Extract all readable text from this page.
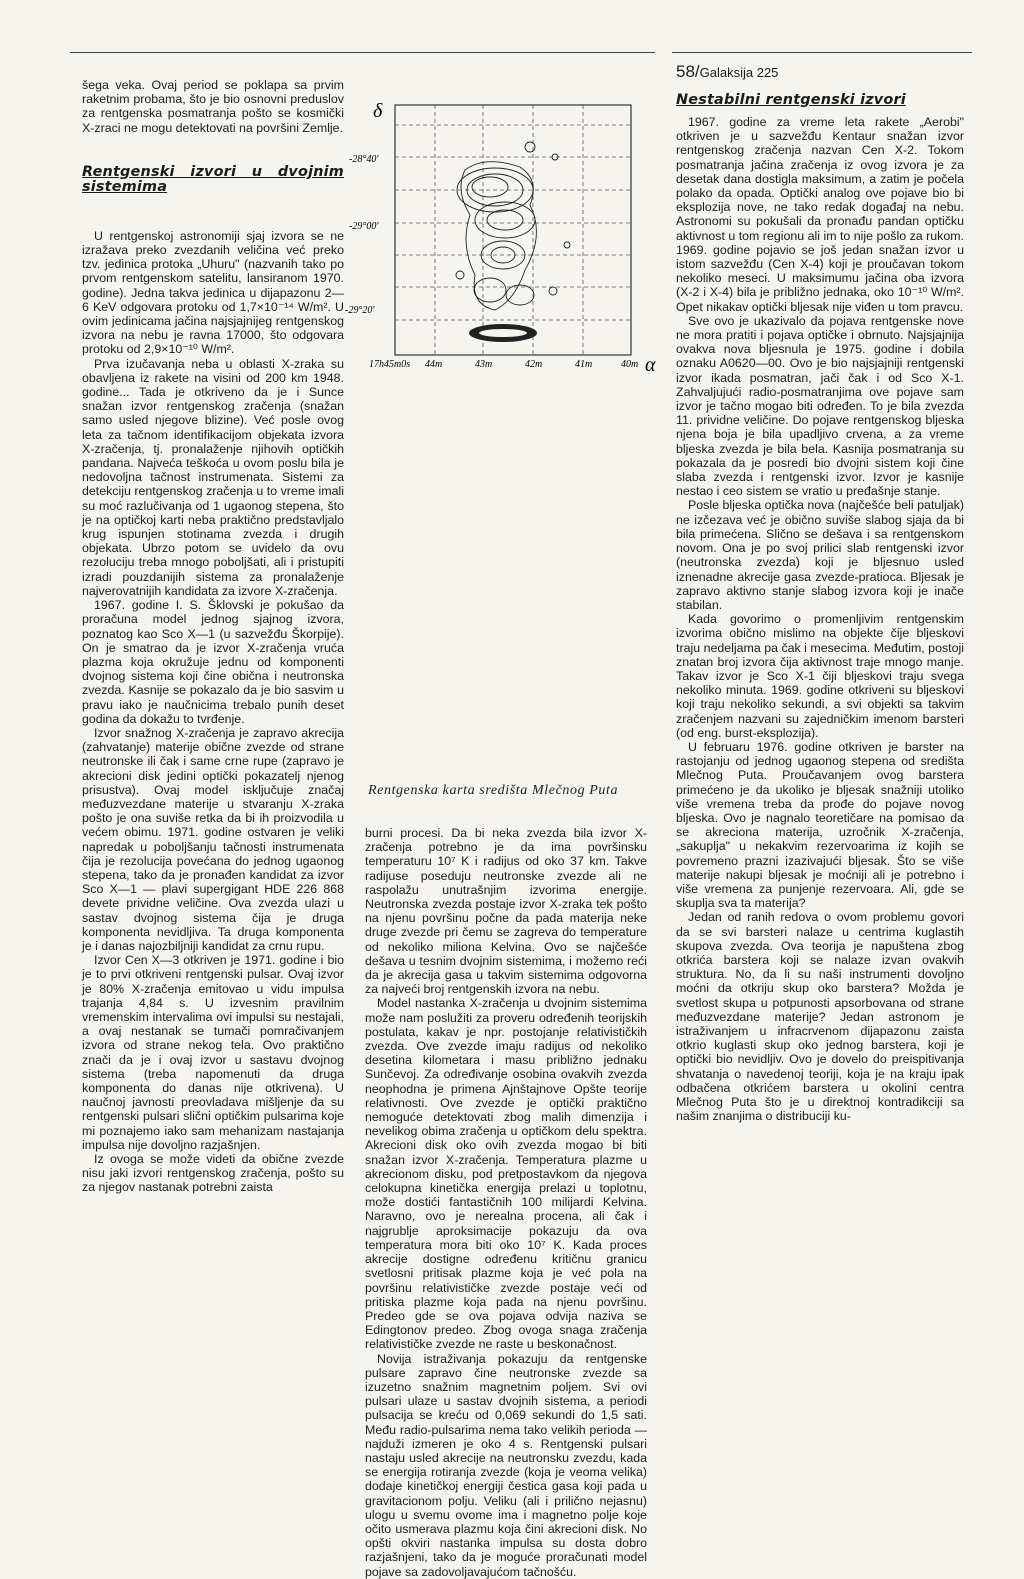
58/Galaksija 225

šega veka. Ovaj period se poklapa sa prvim raketnim probama, što je bio osnovni preduslov za rentgenska posmatranja pošto se kosmički X-zraci ne mogu detektovati na površini Zemlje.

Rentgenski izvori u dvojnim sistemima

U rentgenskoj astronomiji sjaj izvora se ne izražava preko zvezdanih veličina već preko tzv. jedinica protoka „Uhuru" (nazvanih tako po prvom rentgenskom satelitu, lansiranom 1970. godine). Jedna takva jedinica u dijapazonu 2—6 KeV odgovara protoku od 1,7×10⁻¹⁴ W/m². U ovim jedinicama jačina najsjajnijeg rentgenskog izvora na nebu je ravna 17000, što odgovara protoku od 2,9×10⁻¹⁰ W/m².

Prva izučavanja neba u oblasti X-zraka su obavljena iz rakete na visini od 200 km 1948. godine... Tada je otkriveno da je i Sunce snažan izvor rentgenskog zračenja (snažan samo usled njegove blizine). Već posle ovog leta za tačnom identifikacijom objekata izvora X-zračenja, tj. pronalaženje njihovih optičkih pandana. Najveća teškoća u ovom poslu bila je nedovoljna tačnost instrumenata. Sistemi za detekciju rentgenskog zračenja u to vreme imali su moć razlučivanja od 1 ugaonog stepena, što je na optičkoj karti neba praktično predstavljalo krug ispunjen stotinama zvezda i drugih objekata. Ubrzo potom se uvidelo da ovu rezoluciju treba mnogo poboljšati, ali i pristupiti izradi pouzdanijih sistema za pronalaženje najverovatnijih kandidata za izvore X-zračenja.

1967. godine I. S. Šklovski je pokušao da proračuna model jednog sjajnog izvora, poznatog kao Sco X—1 (u sazvežđu Škorpije). On je smatrao da je izvor X-zračenja vruća plazma koja okružuje jednu od komponenti dvojnog sistema koji čine obična i neutronska zvezda. Kasnije se pokazalo da je bio sasvim u pravu iako je naučnicima trebalo punih deset godina da dokažu to tvrđenje.

Izvor snažnog X-zračenja je zapravo akrecija (zahvatanje) materije obične zvezde od strane neutronske ili čak i same crne rupe (zapravo je akrecioni disk jedini optički pokazatelj njenog prisustva). Ovaj model isključuje značaj međuzvezdane materije u stvaranju X-zraka pošto je ona suviše retka da bi ih proizvodila u većem obimu. 1971. godine ostvaren je veliki napredak u poboljšanju tačnosti instrumenata čija je rezolucija povećana do jednog ugaonog stepena, tako da je pronađen kandidat za izvor Sco X—1 — plavi supergigant HDE 226 868 devete prividne veličine. Ova zvezda ulazi u sastav dvojnog sistema čija je druga komponenta nevidljiva. Ta druga komponenta je i danas najozbiljniji kandidat za crnu rupu.

Izvor Cen X—3 otkriven je 1971. godine i bio je to prvi otkriveni rentgenski pulsar. Ovaj izvor je 80% X-zračenja emitovao u vidu impulsa trajanja 4,84 s. U izvesnim pravilnim vremenskim intervalima ovi impulsi su nestajali, a ovaj nestanak se tumači pomračivanjem izvora od strane nekog tela. Ovo praktično znači da je i ovaj izvor u sastavu dvojnog sistema (treba napomenuti da druga komponenta do danas nije otkrivena). U naučnoj javnosti preovladava mišljenje da su rentgenski pulsari slični optičkim pulsarima koje mi poznajemo iako sam mehanizam nastajanja impulsa nije dovoljno razjašnjen.

Iz ovoga se može videti da obične zvezde nisu jaki izvori rentgenskog zračenja, pošto su za njegov nastanak potrebni zaista

δ
-28°40'
-29°00'
-29°20'
17h45m0s 44m	43m	42m	41m	40m α
Rentgenska karta središta Mlečnog Puta

burni procesi. Da bi neka zvezda bila izvor X-zračenja potrebno je da ima površinsku temperaturu 10⁷ K i radijus od oko 37 km. Takve radijuse poseduju neutronske zvezde ali ne raspolažu unutrašnjim izvorima energije. Neutronska zvezda postaje izvor X-zraka tek pošto na njenu površinu počne da pada materija neke druge zvezde pri čemu se zagreva do temperature od nekoliko miliona Kelvina. Ovo se najčešće dešava u tesnim dvojnim sistemima, i možemo reći da je akrecija gasa u takvim sistemima odgovorna za najveći broj rentgenskih izvora na nebu.

Model nastanka X-zračenja u dvojnim sistemima može nam poslužiti za proveru određenih teorijskih postulata, kakav je npr. postojanje relativističkih zvezda. Ove zvezde imaju radijus od nekoliko desetina kilometara i masu približno jednaku Sunčevoj. Za određivanje osobina ovakvih zvezda neophodna je primena Ajnštajnove Opšte teorije relativnosti. Ove zvezde je optički praktično nemoguće detektovati zbog malih dimenzija i nevelikog obima zračenja u optičkom delu spektra. Akrecioni disk oko ovih zvezda mogao bi biti snažan izvor X-zračenja. Temperatura plazme u akrecionom disku, pod pretpostavkom da njegova celokupna kinetička energija prelazi u toplotnu, može dostići fantastičnih 100 milijardi Kelvina. Naravno, ovo je nerealna procena, ali čak i najgrublje aproksimacije pokazuju da ova temperatura mora biti oko 10⁷ K. Kada proces akrecije dostigne određenu kritičnu granicu svetlosni pritisak plazme koja je već pola na površinu relativističke zvezde postaje veći od pritiska plazme koja pada na njenu površinu. Predeo gde se ova pojava odvija naziva se Edingtonov predeo. Zbog ovoga snaga zračenja relativističke zvezde ne raste u beskonačnost.

Novija istraživanja pokazuju da rentgenske pulsare zapravo čine neutronske zvezde sa izuzetno snažnim magnetnim poljem. Svi ovi pulsari ulaze u sastav dvojnih sistema, a periodi pulsacija se kreću od 0,069 sekundi do 1,5 sati. Među radio-pulsarima nema tako velikih perioda — najduži izmeren je oko 4 s. Rentgenski pulsari nastaju usled akrecije na neutronsku zvezdu, kada se energija rotiranja zvezde (koja je veoma velika) dodaje kinetičkoj energiji čestica gasa koji pada u gravitacionom polju. Veliku (ali i prilično nejasnu) ulogu u svemu ovome ima i magnetno polje koje očito usmerava plazmu koja čini akrecioni disk. No opšti okviri nastanka impulsa su dosta dobro razjašnjeni, tako da je moguće proračunati model pojave sa zadovoljavajućom tačnošću.

Nestabilni rentgenski izvori

1967. godine za vreme leta rakete „Aerobi" otkriven je u sazvežđu Kentaur snažan izvor rentgenskog zračenja nazvan Cen X-2. Tokom posmatranja jačina zračenja iz ovog izvora je za desetak dana dostigla maksimum, a zatim je počela polako da opada. Optički analog ove pojave bio bi eksplozija nove, ne tako redak događaj na nebu. Astronomi su pokušali da pronađu pandan optičku aktivnost u tom regionu ali im to nije pošlo za rukom. 1969. godine pojavio se još jedan snažan izvor u istom sazvežđu (Cen X-4) koji je proučavan tokom nekoliko meseci. U maksimumu jačina oba izvora (X-2 i X-4) bila je približno jednaka, oko 10⁻¹⁰ W/m². Opet nikakav optički bljesak nije viđen u tom pravcu.

Sve ovo je ukazivalo da pojava rentgenske nove ne mora pratiti i pojava optičke i obrnuto. Najsjajnija ovakva nova bljesnula je 1975. godine i dobila oznaku A0620—00. Ovo je bio najsjajniji rentgenski izvor ikada posmatran, jači čak i od Sco X-1. Zahvaljujući radio-posmatranjima ove pojave sam izvor je tačno mogao biti određen. To je bila zvezda 11. prividne veličine. Do pojave rentgenskog bljeska njena boja je bila upadljivo crvena, a za vreme bljeska zvezda je bila bela. Kasnija posmatranja su pokazala da je posredi bio dvojni sistem koji čine slaba zvezda i rentgenski izvor. Izvor je kasnije nestao i ceo sistem se vratio u pređašnje stanje.

Posle bljeska optička nova (najčešće beli patuljak) ne izčezava već je obično suviše slabog sjaja da bi bila primećena. Slično se dešava i sa rentgenskom novom. Ona je po svoj prilici slab rentgenski izvor (neutronska zvezda) koji je bljesnuo usled iznenadne akrecije gasa zvezde-pratioca. Bljesak je zapravo aktivno stanje slabog izvora koji je inače stabilan.

Kada govorimo o promenljivim rentgenskim izvorima obično mislimo na objekte čije bljeskovi traju nedeljama pa čak i mesecima. Međutim, postoji znatan broj izvora čija aktivnost traje mnogo manje. Takav izvor je Sco X-1 čiji bljeskovi traju svega nekoliko minuta. 1969. godine otkriveni su bljeskovi koji traju nekoliko sekundi, a svi objekti sa takvim zračenjem nazvani su zajedničkim imenom barsteri (od eng. burst-eksplozija).

U februaru 1976. godine otkriven je barster na rastojanju od jednog ugaonog stepena od središta Mlečnog Puta. Proučavanjem ovog barstera primećeno je da ukoliko je bljesak snažniji utoliko više vremena treba da prođe do pojave novog bljeska. Ovo je nagnalo teoretičare na pomisao da se akreciona materija, uzročnik X-zračenja, „sakuplja" u nekakvim rezervoarima iz kojih se povremeno prazni izazivajući bljesak. Što se više materije nakupi bljesak je moćniji ali je potrebno i više vremena za punjenje rezervoara. Ali, gde se skuplja sva ta materija?

Jedan od ranih redova o ovom problemu govori da se svi barsteri nalaze u centrima kuglastih skupova zvezda. Ova teorija je napuštena zbog otkrića barstera koji se nalaze izvan ovakvih struktura. No, da li su naši instrumenti dovoljno moćni da otkriju skup oko barstera? Možda je svetlost skupa u potpunosti apsorbovana od strane međuzvezdane materije? Jedan astronom je istraživanjem u infracrvenom dijapazonu zaista otkrio kuglasti skup oko jednog barstera, koji je optički bio nevidljiv. Ovo je dovelo do preispitivanja shvatanja o navedenoj teoriji, koja je na kraju ipak odbačena otkrićem barstera u okolini centra Mlečnog Puta što je u direktnoj kontradikciji sa našim znanjima o distribuciji ku-
